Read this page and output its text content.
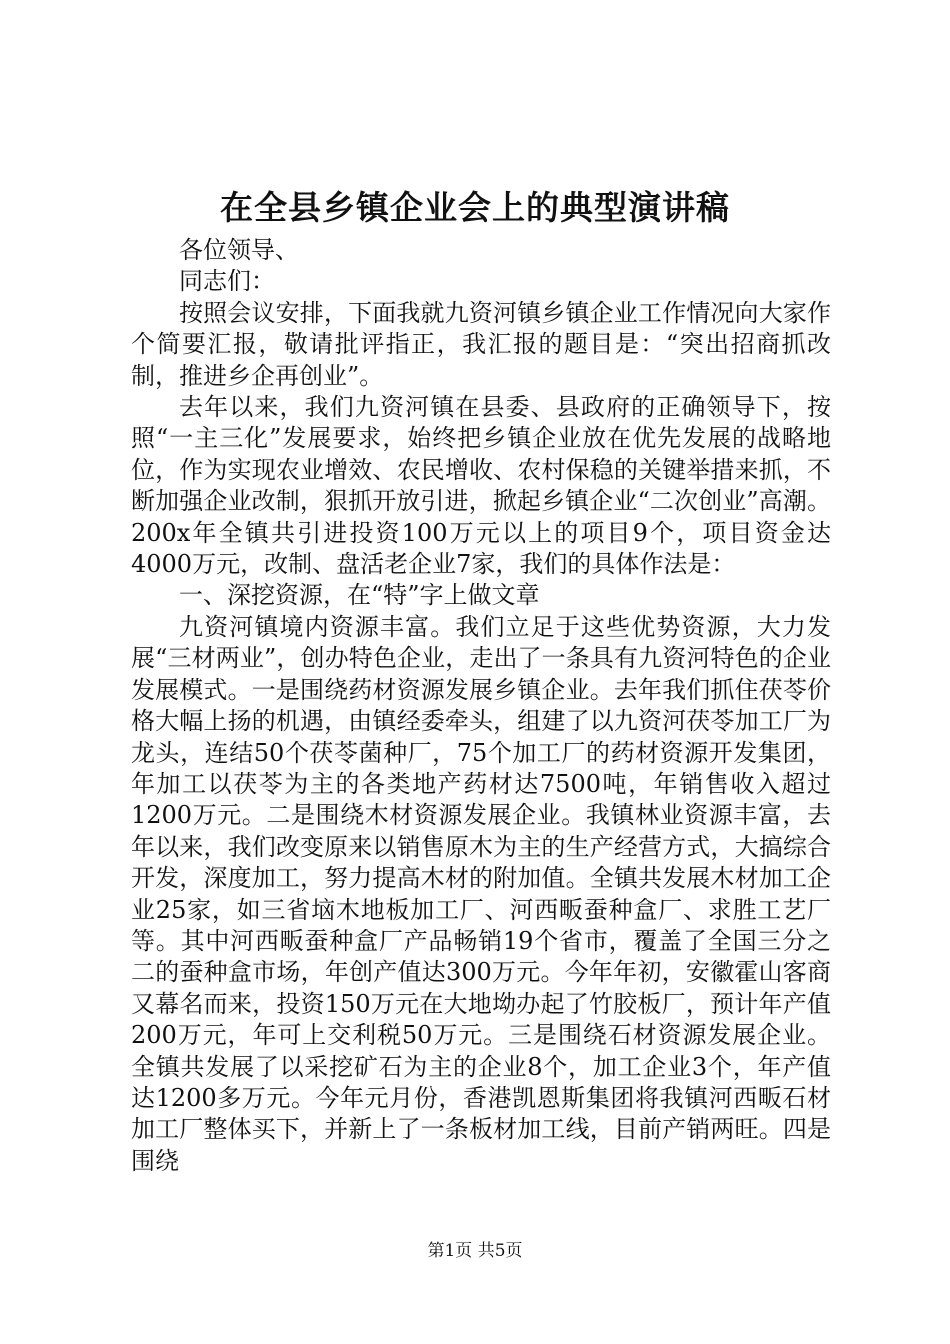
在全县乡镇企业会上的典型演讲稿

各位领导、

同志们：

按照会议安排，下面我就九资河镇乡镇企业工作情况向大家作个简要汇报，敬请批评指正，我汇报的题目是：“突出招商抓改制，推进乡企再创业”。

去年以来，我们九资河镇在县委、县政府的正确领导下，按照“一主三化”发展要求，始终把乡镇企业放在优先发展的战略地位，作为实现农业增效、农民增收、农村保稳的关键举措来抓，不断加强企业改制，狠抓开放引进，掀起乡镇企业“二次创业”高潮。200x年全镇共引进投资100万元以上的项目9个，项目资金达4000万元，改制、盘活老企业7家，我们的具体作法是：

一、深挖资源，在“特”字上做文章

九资河镇境内资源丰富。我们立足于这些优势资源，大力发展“三材两业”，创办特色企业，走出了一条具有九资河特色的企业发展模式。一是围绕药材资源发展乡镇企业。去年我们抓住茯苓价格大幅上扬的机遇，由镇经委牵头，组建了以九资河茯苓加工厂为龙头，连结50个茯苓菌种厂，75个加工厂的药材资源开发集团，年加工以茯苓为主的各类地产药材达7500吨，年销售收入超过1200万元。二是围绕木材资源发展企业。我镇林业资源丰富，去年以来，我们改变原来以销售原木为主的生产经营方式，大搞综合开发，深度加工，努力提高木材的附加值。全镇共发展木材加工企业25家，如三省垴木地板加工厂、河西畈蚕种盒厂、求胜工艺厂等。其中河西畈蚕种盒厂产品畅销19个省市，覆盖了全国三分之二的蚕种盒市场，年创产值达300万元。今年年初，安徽霍山客商又幕名而来，投资150万元在大地坳办起了竹胶板厂，预计年产值200万元，年可上交利税50万元。三是围绕石材资源发展企业。全镇共发展了以采挖矿石为主的企业8个，加工企业3个，年产值达1200多万元。今年元月份，香港凯恩斯集团将我镇河西畈石材加工厂整体买下，并新上了一条板材加工线，目前产销两旺。四是围绕

第1页 共5页
